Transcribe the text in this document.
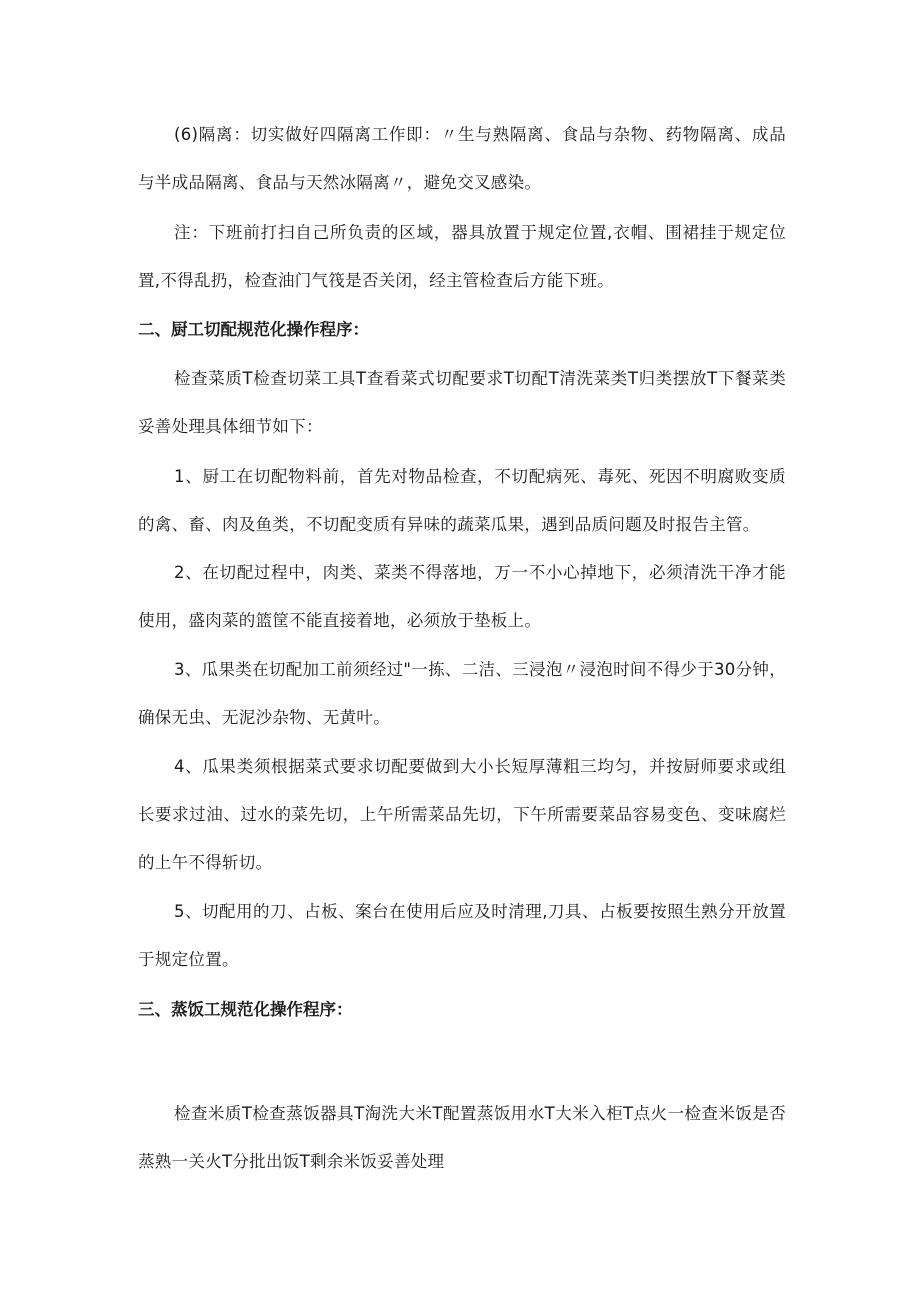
(6)隔离：切实做好四隔离工作即：〃生与熟隔离、食品与杂物、药物隔离、成品与半成品隔离、食品与天然冰隔离〃，避免交叉感染。

注：下班前打扫自己所负责的区域，器具放置于规定位置,衣帽、围裙挂于规定位置,不得乱扔，检查油门气筏是否关闭，经主管检查后方能下班。

二、厨工切配规范化操作程序：

检查菜质T检查切菜工具T查看菜式切配要求T切配T清洗菜类T归类摆放T下餐菜类妥善处理具体细节如下：

1、厨工在切配物料前，首先对物品检查，不切配病死、毒死、死因不明腐败变质的禽、畜、肉及鱼类，不切配变质有异味的蔬菜瓜果，遇到品质问题及时报告主管。

2、在切配过程中，肉类、菜类不得落地，万一不小心掉地下，必须清洗干净才能使用，盛肉菜的篮筐不能直接着地，必须放于垫板上。

3、瓜果类在切配加工前须经过"一拣、二洁、三浸泡〃浸泡时间不得少于30分钟，确保无虫、无泥沙杂物、无黄叶。

4、瓜果类须根据菜式要求切配要做到大小长短厚薄粗三均匀，并按厨师要求或组长要求过油、过水的菜先切，上午所需菜品先切，下午所需要菜品容易变色、变味腐烂的上午不得斩切。

5、切配用的刀、占板、案台在使用后应及时清理,刀具、占板要按照生熟分开放置于规定位置。

三、蒸饭工规范化操作程序：

检查米质T检查蒸饭器具T淘洗大米T配置蒸饭用水T大米入柜T点火一检查米饭是否蒸熟一关火T分批出饭T剩余米饭妥善处理
